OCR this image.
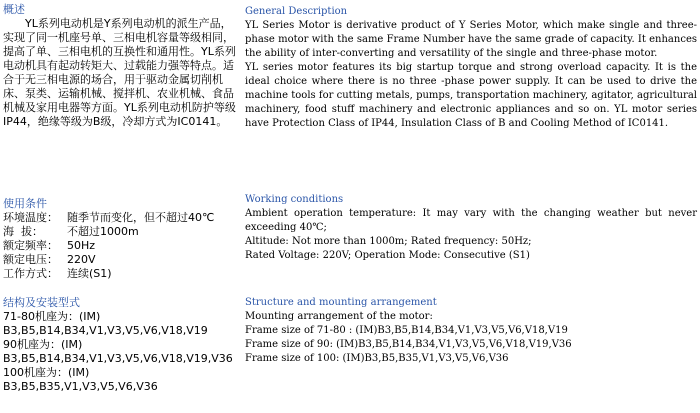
概述

YL系列电动机是Y系列电动机的派生产品，实现了同一机座号单、三相电机容量等级相同，提高了单、三相电机的互换性和通用性。YL系列电动机具有起动转矩大、过载能力强等特点。适合于无三相电源的场合，用于驱动金属切削机床、泵类、运输机械、搅拌机、农业机械、食品机械及家用电器等方面。YL系列电动机防护等级IP44，绝缘等级为B级，冷却方式为IC0141。

使用条件

环境温度： 随季节而变化，但不超过40℃
海  拔：	不超过1000m
额定频率： 50Hz
额定电压： 220V
工作方式： 连续(S1)

结构及安装型式

71-80机座为：(IM)
B3,B5,B14,B34,V1,V3,V5,V6,V18,V19
90机座为：(IM)
B3,B5,B14,B34,V1,V3,V5,V6,V18,V19,V36
100机座为：(IM)
B3,B5,B35,V1,V3,V5,V6,V36

General Description

YL Series Motor is derivative product of Y Series Motor, which make single and three-phase motor with the same Frame Number have the same grade of capacity. It enhances the ability of inter-converting and versatility of the single and three-phase motor.

YL series motor features its big startup torque and strong overload capacity. It is the ideal choice where there is no three -phase power supply. It can be used to drive the machine tools for cutting metals, pumps, transportation machinery, agitator, agricultural machinery, food stuff machinery and electronic appliances and so on. YL motor series have Protection Class of IP44, Insulation Class of B and Cooling Method of IC0141.

Working conditions

Ambient operation temperature: It may vary with the changing weather but never exceeding 40℃;

Altitude: Not more than 1000m; Rated frequency: 50Hz;

Rated Voltage: 220V; Operation Mode: Consecutive (S1)

Structure and mounting arrangement

Mounting arrangement of the motor:
Frame size of 71-80 : (IM)B3,B5,B14,B34,V1,V3,V5,V6,V18,V19
Frame size of 90: (IM)B3,B5,B14,B34,V1,V3,V5,V6,V18,V19,V36
Frame size of 100: (IM)B3,B5,B35,V1,V3,V5,V6,V36
